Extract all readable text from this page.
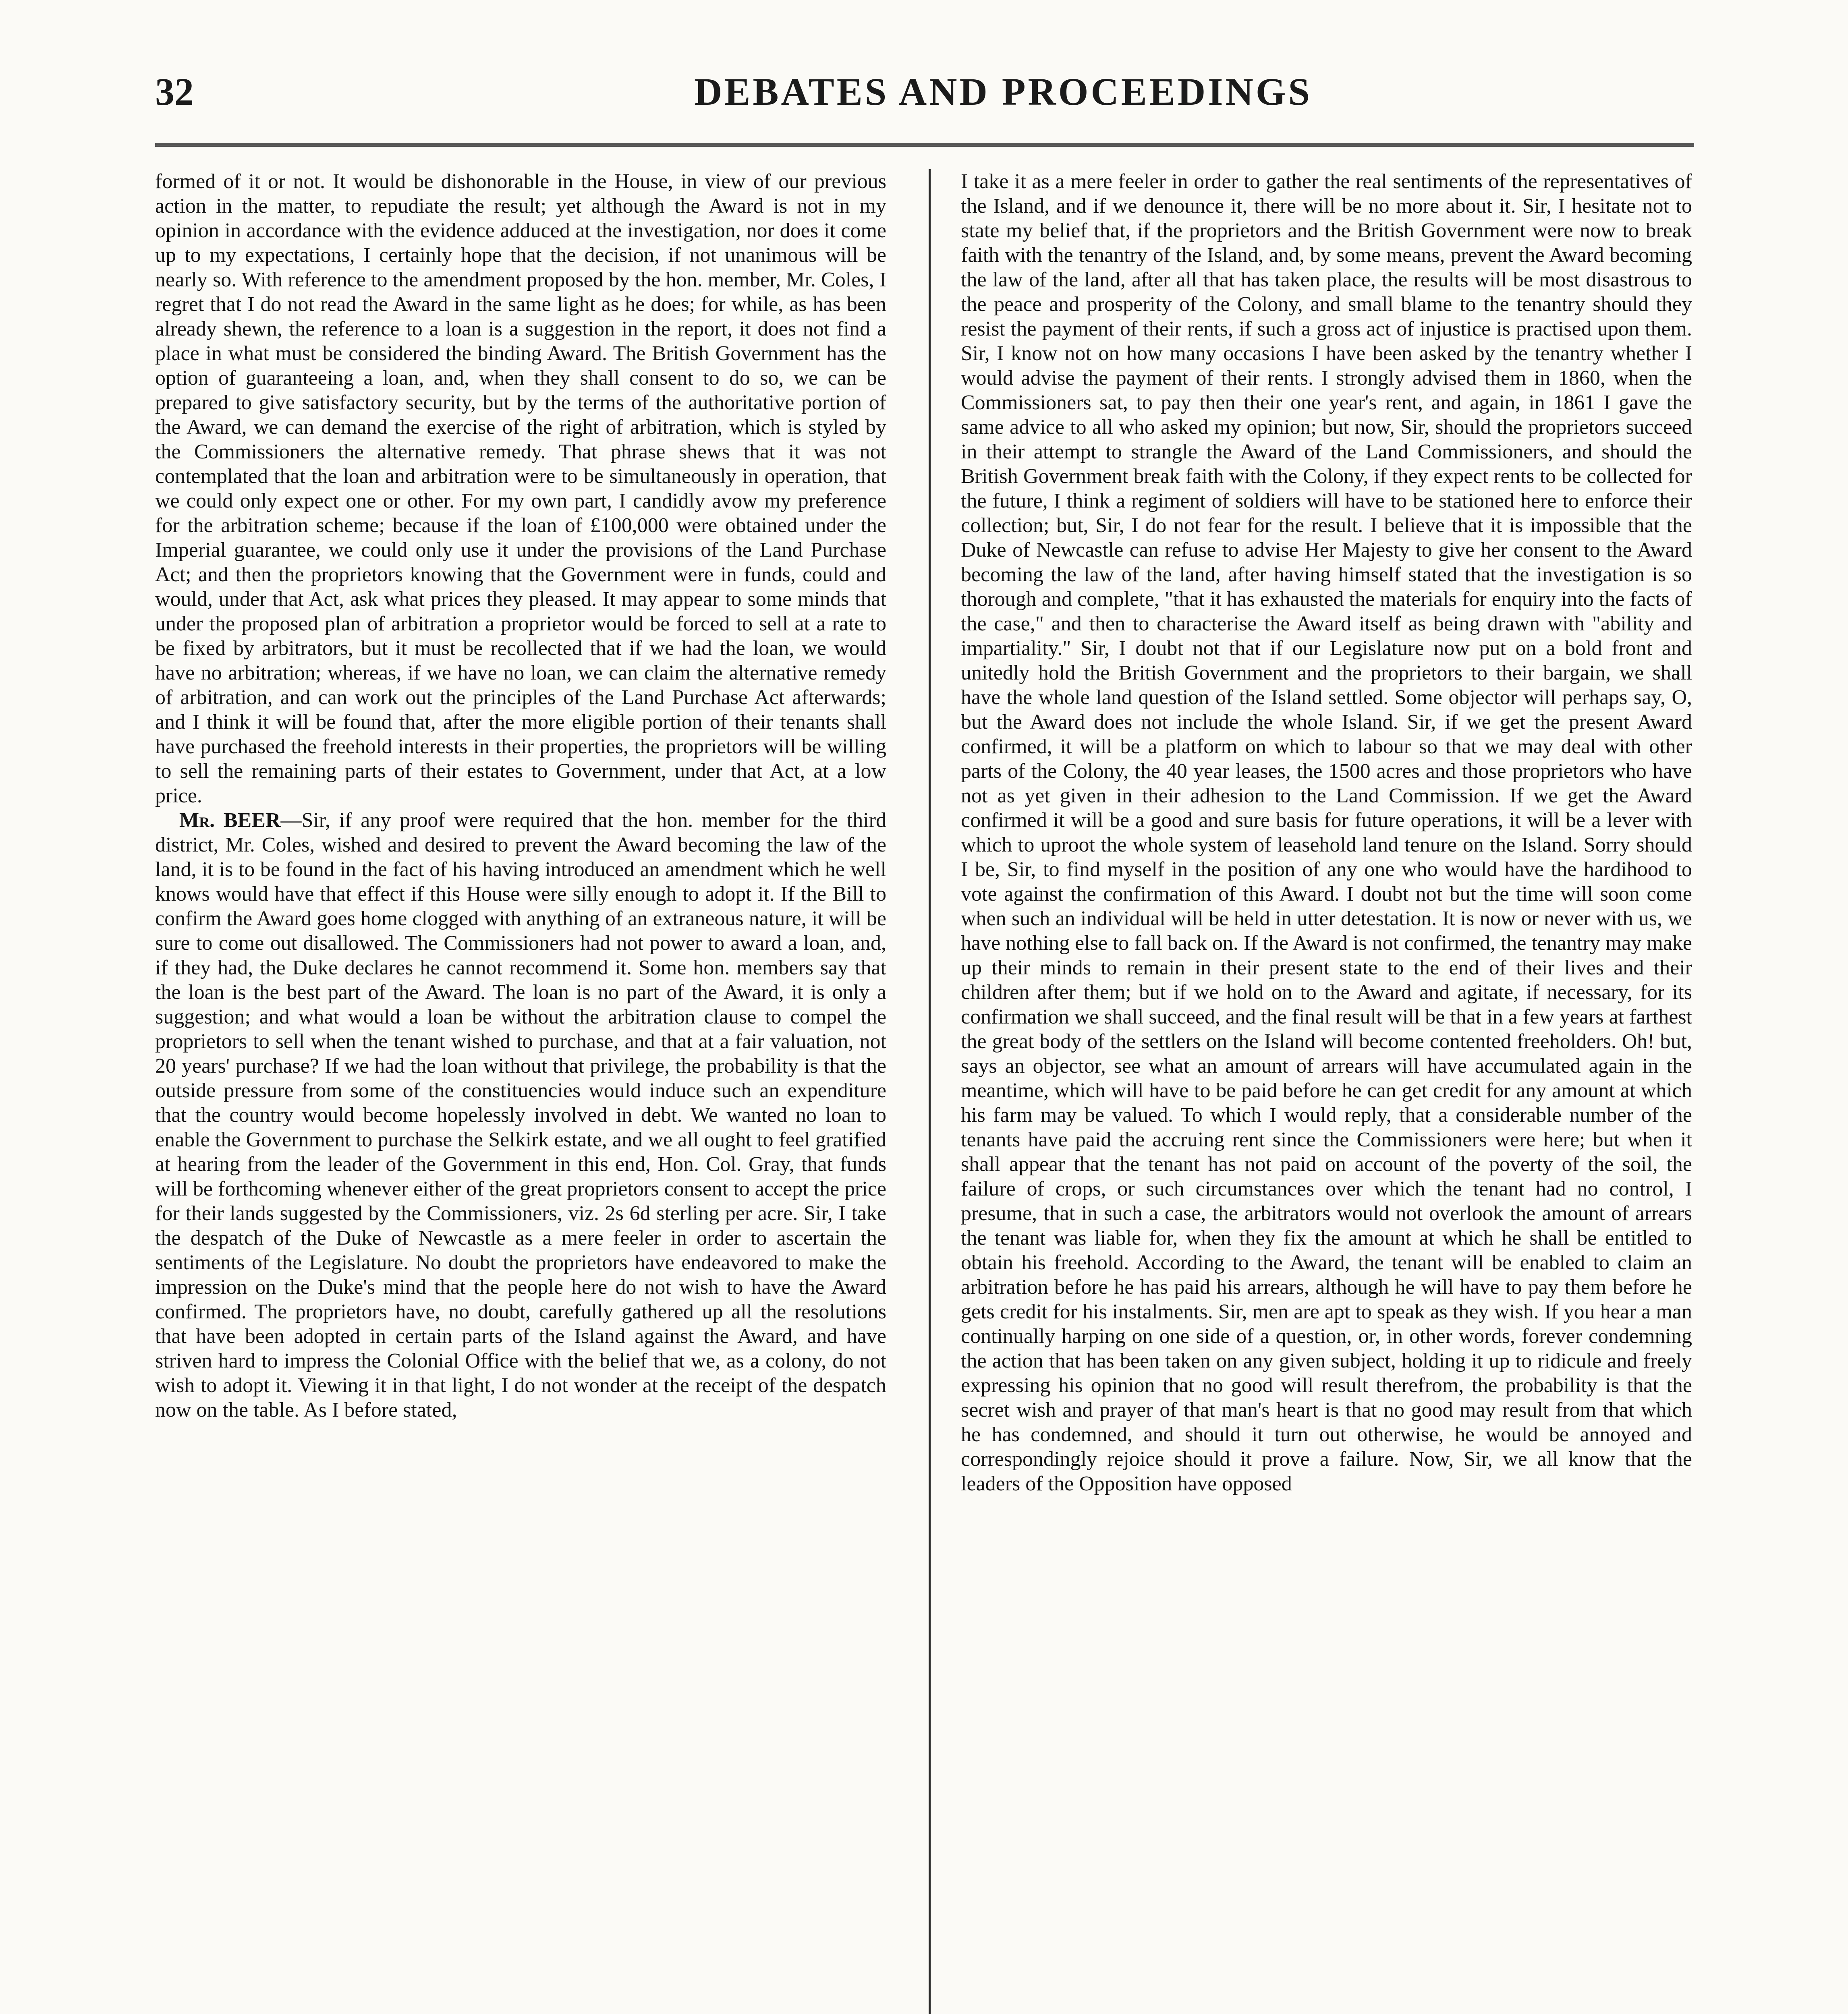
32	DEBATES AND PROCEEDINGS

formed of it or not. It would be dishonorable in the House, in view of our previous action in the matter, to repudiate the result; yet although the Award is not in my opinion in accordance with the evidence adduced at the investigation, nor does it come up to my expectations, I certainly hope that the decision, if not unanimous will be nearly so. With reference to the amendment proposed by the hon. member, Mr. Coles, I regret that I do not read the Award in the same light as he does; for while, as has been already shewn, the reference to a loan is a suggestion in the report, it does not find a place in what must be considered the binding Award. The British Government has the option of guaranteeing a loan, and, when they shall consent to do so, we can be prepared to give satisfactory security, but by the terms of the authoritative portion of the Award, we can demand the exercise of the right of arbitration, which is styled by the Commissioners the alternative remedy. That phrase shews that it was not contemplated that the loan and arbitration were to be simultaneously in operation, that we could only expect one or other. For my own part, I candidly avow my preference for the arbitration scheme; because if the loan of £100,000 were obtained under the Imperial guarantee, we could only use it under the provisions of the Land Purchase Act; and then the proprietors knowing that the Government were in funds, could and would, under that Act, ask what prices they pleased. It may appear to some minds that under the proposed plan of arbitration a proprietor would be forced to sell at a rate to be fixed by arbitrators, but it must be recollected that if we had the loan, we would have no arbitration; whereas, if we have no loan, we can claim the alternative remedy of arbitration, and can work out the principles of the Land Purchase Act afterwards; and I think it will be found that, after the more eligible portion of their tenants shall have purchased the freehold interests in their properties, the proprietors will be willing to sell the remaining parts of their estates to Government, under that Act, at a low price.

Mr. BEER—Sir, if any proof were required that the hon. member for the third district, Mr. Coles, wished and desired to prevent the Award becoming the law of the land, it is to be found in the fact of his having introduced an amendment which he well knows would have that effect if this House were silly enough to adopt it. If the Bill to confirm the Award goes home clogged with anything of an extraneous nature, it will be sure to come out disallowed. The Commissioners had not power to award a loan, and, if they had, the Duke declares he cannot recommend it. Some hon. members say that the loan is the best part of the Award. The loan is no part of the Award, it is only a suggestion; and what would a loan be without the arbitration clause to compel the proprietors to sell when the tenant wished to purchase, and that at a fair valuation, not 20 years' purchase? If we had the loan without that privilege, the probability is that the outside pressure from some of the constituencies would induce such an expenditure that the country would become hopelessly involved in debt. We wanted no loan to enable the Government to purchase the Selkirk estate, and we all ought to feel gratified at hearing from the leader of the Government in this end, Hon. Col. Gray, that funds will be forthcoming whenever either of the great proprietors consent to accept the price for their lands suggested by the Commissioners, viz. 2s 6d sterling per acre. Sir, I take the despatch of the Duke of Newcastle as a mere feeler in order to ascertain the sentiments of the Legislature. No doubt the proprietors have endeavored to make the impression on the Duke's mind that the people here do not wish to have the Award confirmed. The proprietors have, no doubt, carefully gathered up all the resolutions that have been adopted in certain parts of the Island against the Award, and have striven hard to impress the Colonial Office with the belief that we, as a colony, do not wish to adopt it. Viewing it in that light, I do not wonder at the receipt of the despatch now on the table. As I before stated,

I take it as a mere feeler in order to gather the real sentiments of the representatives of the Island, and if we denounce it, there will be no more about it. Sir, I hesitate not to state my belief that, if the proprietors and the British Government were now to break faith with the tenantry of the Island, and, by some means, prevent the Award becoming the law of the land, after all that has taken place, the results will be most disastrous to the peace and prosperity of the Colony, and small blame to the tenantry should they resist the payment of their rents, if such a gross act of injustice is practised upon them. Sir, I know not on how many occasions I have been asked by the tenantry whether I would advise the payment of their rents. I strongly advised them in 1860, when the Commissioners sat, to pay then their one year's rent, and again, in 1861 I gave the same advice to all who asked my opinion; but now, Sir, should the proprietors succeed in their attempt to strangle the Award of the Land Commissioners, and should the British Government break faith with the Colony, if they expect rents to be collected for the future, I think a regiment of soldiers will have to be stationed here to enforce their collection; but, Sir, I do not fear for the result. I believe that it is impossible that the Duke of Newcastle can refuse to advise Her Majesty to give her consent to the Award becoming the law of the land, after having himself stated that the investigation is so thorough and complete, "that it has exhausted the materials for enquiry into the facts of the case," and then to characterise the Award itself as being drawn with "ability and impartiality." Sir, I doubt not that if our Legislature now put on a bold front and unitedly hold the British Government and the proprietors to their bargain, we shall have the whole land question of the Island settled. Some objector will perhaps say, O, but the Award does not include the whole Island. Sir, if we get the present Award confirmed, it will be a platform on which to labour so that we may deal with other parts of the Colony, the 40 year leases, the 1500 acres and those proprietors who have not as yet given in their adhesion to the Land Commission. If we get the Award confirmed it will be a good and sure basis for future operations, it will be a lever with which to uproot the whole system of leasehold land tenure on the Island. Sorry should I be, Sir, to find myself in the position of any one who would have the hardihood to vote against the confirmation of this Award. I doubt not but the time will soon come when such an individual will be held in utter detestation. It is now or never with us, we have nothing else to fall back on. If the Award is not confirmed, the tenantry may make up their minds to remain in their present state to the end of their lives and their children after them; but if we hold on to the Award and agitate, if necessary, for its confirmation we shall succeed, and the final result will be that in a few years at farthest the great body of the settlers on the Island will become contented freeholders. Oh! but, says an objector, see what an amount of arrears will have accumulated again in the meantime, which will have to be paid before he can get credit for any amount at which his farm may be valued. To which I would reply, that a considerable number of the tenants have paid the accruing rent since the Commissioners were here; but when it shall appear that the tenant has not paid on account of the poverty of the soil, the failure of crops, or such circumstances over which the tenant had no control, I presume, that in such a case, the arbitrators would not overlook the amount of arrears the tenant was liable for, when they fix the amount at which he shall be entitled to obtain his freehold. According to the Award, the tenant will be enabled to claim an arbitration before he has paid his arrears, although he will have to pay them before he gets credit for his instalments. Sir, men are apt to speak as they wish. If you hear a man continually harping on one side of a question, or, in other words, forever condemning the action that has been taken on any given subject, holding it up to ridicule and freely expressing his opinion that no good will result therefrom, the probability is that the secret wish and prayer of that man's heart is that no good may result from that which he has condemned, and should it turn out otherwise, he would be annoyed and correspondingly rejoice should it prove a failure. Now, Sir, we all know that the leaders of the Opposition have opposed
